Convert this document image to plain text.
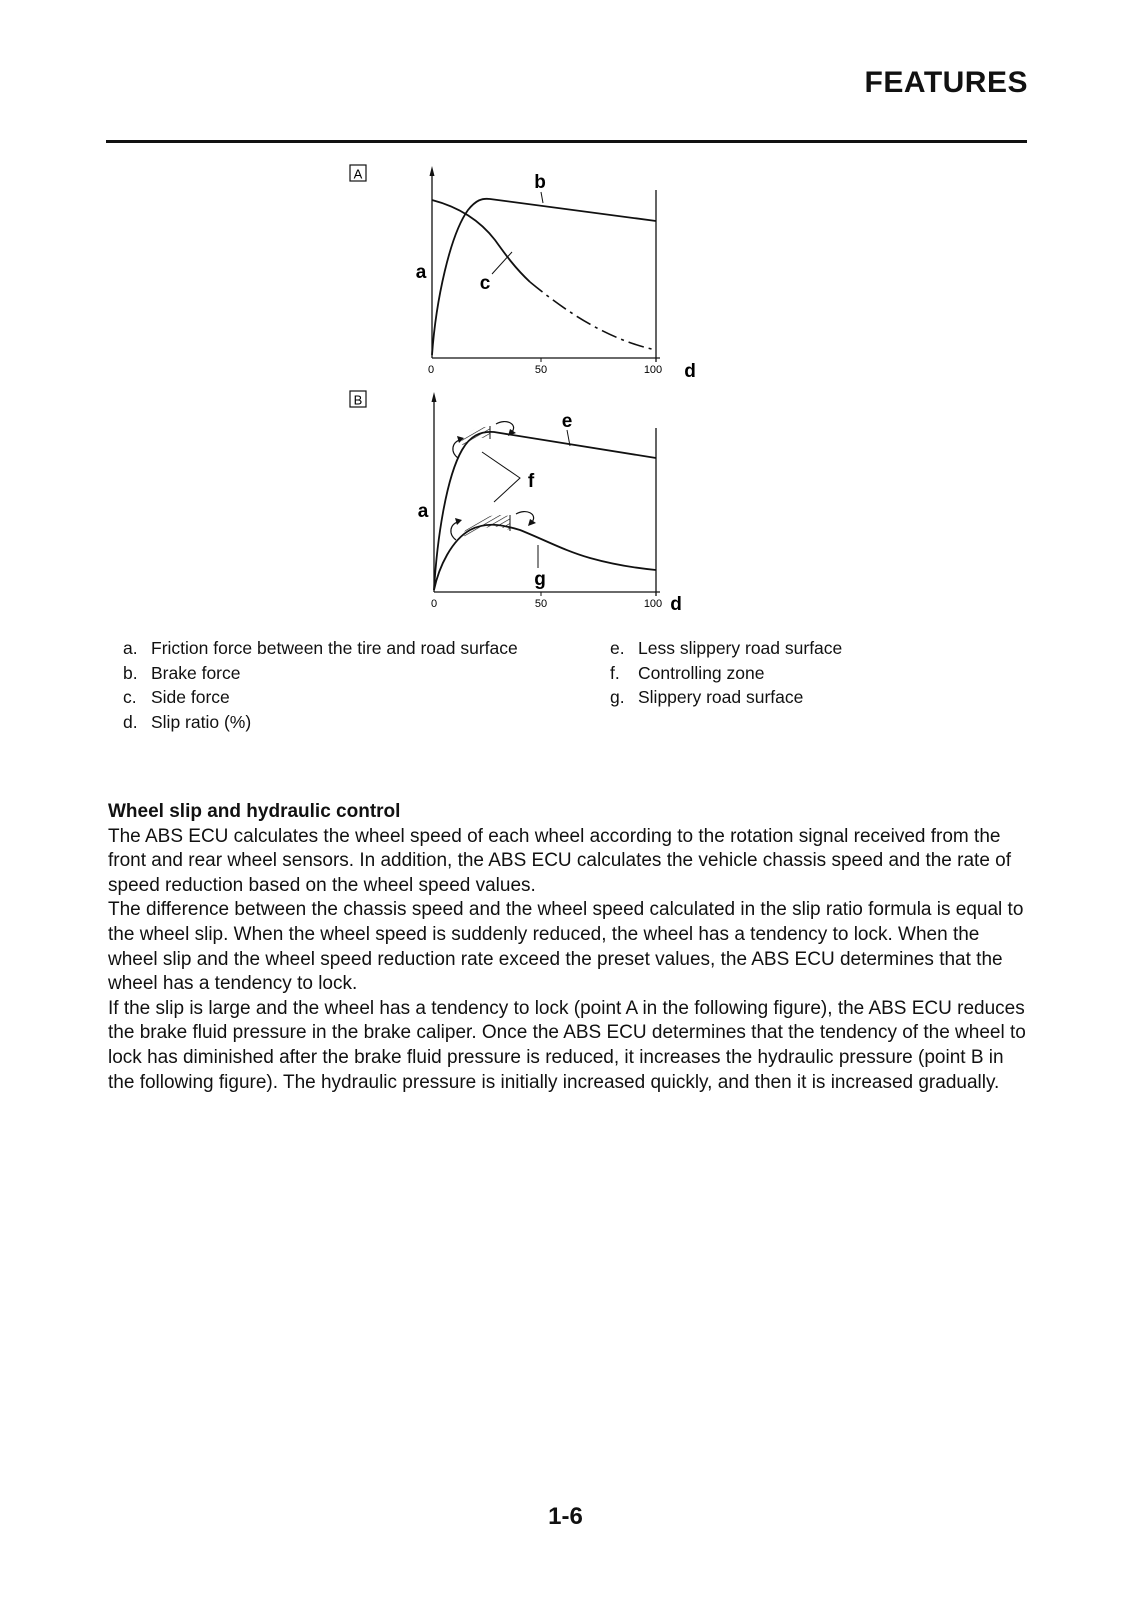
FEATURES
A	b
c
a
d
0	50	100
B
e
f
g
a
d
0	50	100
a. Friction force between the tire and road surface
b. Brake force
c. Side force
d. Slip ratio (%)
e. Less slippery road surface
f.	Controlling zone
g. Slippery road surface
Wheel slip and hydraulic control

The ABS ECU calculates the wheel speed of each wheel according to the rotation signal received from the front and rear wheel sensors. In addition, the ABS ECU calculates the vehicle chassis speed and the rate of speed reduction based on the wheel speed values.

The difference between the chassis speed and the wheel speed calculated in the slip ratio formula is equal to the wheel slip. When the wheel speed is suddenly reduced, the wheel has a tendency to lock. When the wheel slip and the wheel speed reduction rate exceed the preset values, the ABS ECU determines that the wheel has a tendency to lock.

If the slip is large and the wheel has a tendency to lock (point A in the following figure), the ABS ECU reduces the brake fluid pressure in the brake caliper. Once the ABS ECU determines that the tendency of the wheel to lock has diminished after the brake fluid pressure is reduced, it increases the hydraulic pressure (point B in the following figure). The hydraulic pressure is initially increased quickly, and then it is increased gradually.

1-6
